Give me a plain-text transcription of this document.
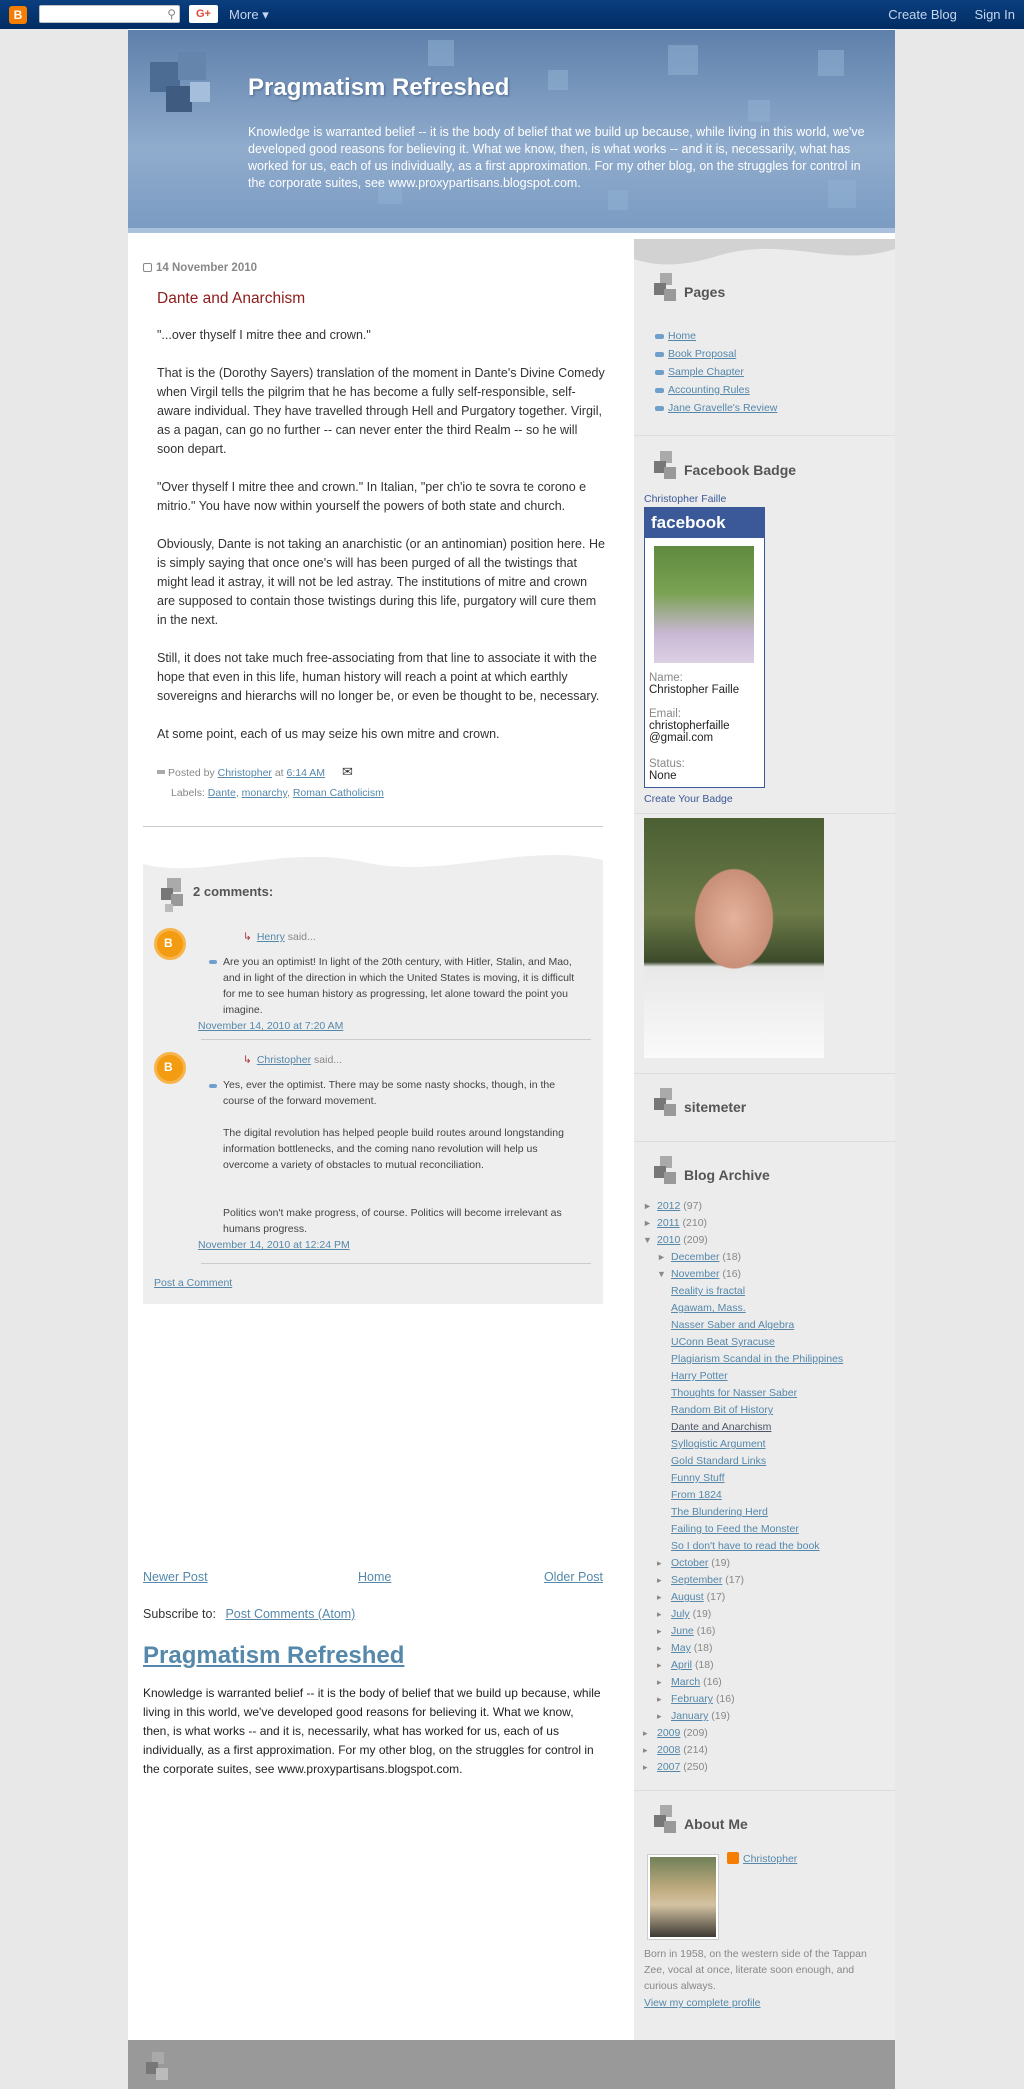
B	⚲	G+	More ▾	Create Blog Sign In
Pragmatism Refreshed
Knowledge is warranted belief -- it is the body of belief that we build up because, while living in this world, we've developed good reasons for believing it. What we know, then, is what works -- and it is, necessarily, what has worked for us, each of us individually, as a first approximation. For my other blog, on the struggles for control in the corporate suites, see www.proxypartisans.blogspot.com.
14 November 2010
Dante and Anarchism

"...over thyself I mitre thee and crown."

That is the (Dorothy Sayers) translation of the moment in Dante's Divine Comedy when Virgil tells the pilgrim that he has become a fully self-responsible, self-aware individual. They have travelled through Hell and Purgatory together. Virgil, as a pagan, can go no further -- can never enter the third Realm -- so he will soon depart.

"Over thyself I mitre thee and crown." In Italian, "per ch'io te sovra te corono e mitrio." You have now within yourself the powers of both state and church.

Obviously, Dante is not taking an anarchistic (or an antinomian) position here. He is simply saying that once one's will has been purged of all the twistings that might lead it astray, it will not be led astray. The institutions of mitre and crown are supposed to contain those twistings during this life, purgatory will cure them in the next.

Still, it does not take much free-associating from that line to associate it with the hope that even in this life, human history will reach a point at which earthly sovereigns and hierarchs will no longer be, or even be thought to be, necessary.

At some point, each of us may seize his own mitre and crown.

Posted by Christopher at 6:14 AM ✉
Labels: Dante, monarchy, Roman Catholicism
2 comments:
B
↳ Henry said...
Are you an optimist! In light of the 20th century, with Hitler, Stalin, and Mao, and in light of the direction in which the United States is moving, it is difficult for me to see human history as progressing, let alone toward the point you imagine.
November 14, 2010 at 7:20 AM
B
↳ Christopher said...
Yes, ever the optimist. There may be some nasty shocks, though, in the course of the forward movement.
The digital revolution has helped people build routes around longstanding information bottlenecks, and the coming nano revolution will help us overcome a variety of obstacles to mutual reconciliation.
Politics won't make progress, of course. Politics will become irrelevant as humans progress.
November 14, 2010 at 12:24 PM
Post a Comment
Newer Post	Home	Older Post
Subscribe to: Post Comments (Atom)
Pragmatism Refreshed
Knowledge is warranted belief -- it is the body of belief that we build up because, while living in this world, we've developed good reasons for believing it. What we know, then, is what works -- and it is, necessarily, what has worked for us, each of us individually, as a first approximation. For my other blog, on the struggles for control in the corporate suites, see www.proxypartisans.blogspot.com.
Pages
Home
Book Proposal
Sample Chapter
Accounting Rules
Jane Gravelle's Review
Facebook Badge
Christopher Faille
facebook
Name:
Christopher Faille
Email:
christopherfaille
@gmail.com
Status:
None
Create Your Badge
sitemeter
Blog Archive
► 2012 (97)
► 2011 (210)
▼ 2010 (209)
► December (18)
▼ November (16)
Reality is fractal
Agawam, Mass.
Nasser Saber and Algebra
UConn Beat Syracuse
Plagiarism Scandal in the Philippines
Harry Potter
Thoughts for Nasser Saber
Random Bit of History
Dante and Anarchism
Syllogistic Argument
Gold Standard Links
Funny Stuff
From 1824
The Blundering Herd
Failing to Feed the Monster
So I don't have to read the book
▸ October (19)
▸ September (17)
▸ August (17)
▸ July (19)
▸ June (16)
▸ May (18)
▸ April (18)
▸ March (16)
▸ February (16)
▸ January (19)
▸ 2009 (209)
▸ 2008 (214)
▸ 2007 (250)
About Me
Christopher
Born in 1958, on the western side of the Tappan Zee, vocal at once, literate soon enough, and curious always.
View my complete profile
